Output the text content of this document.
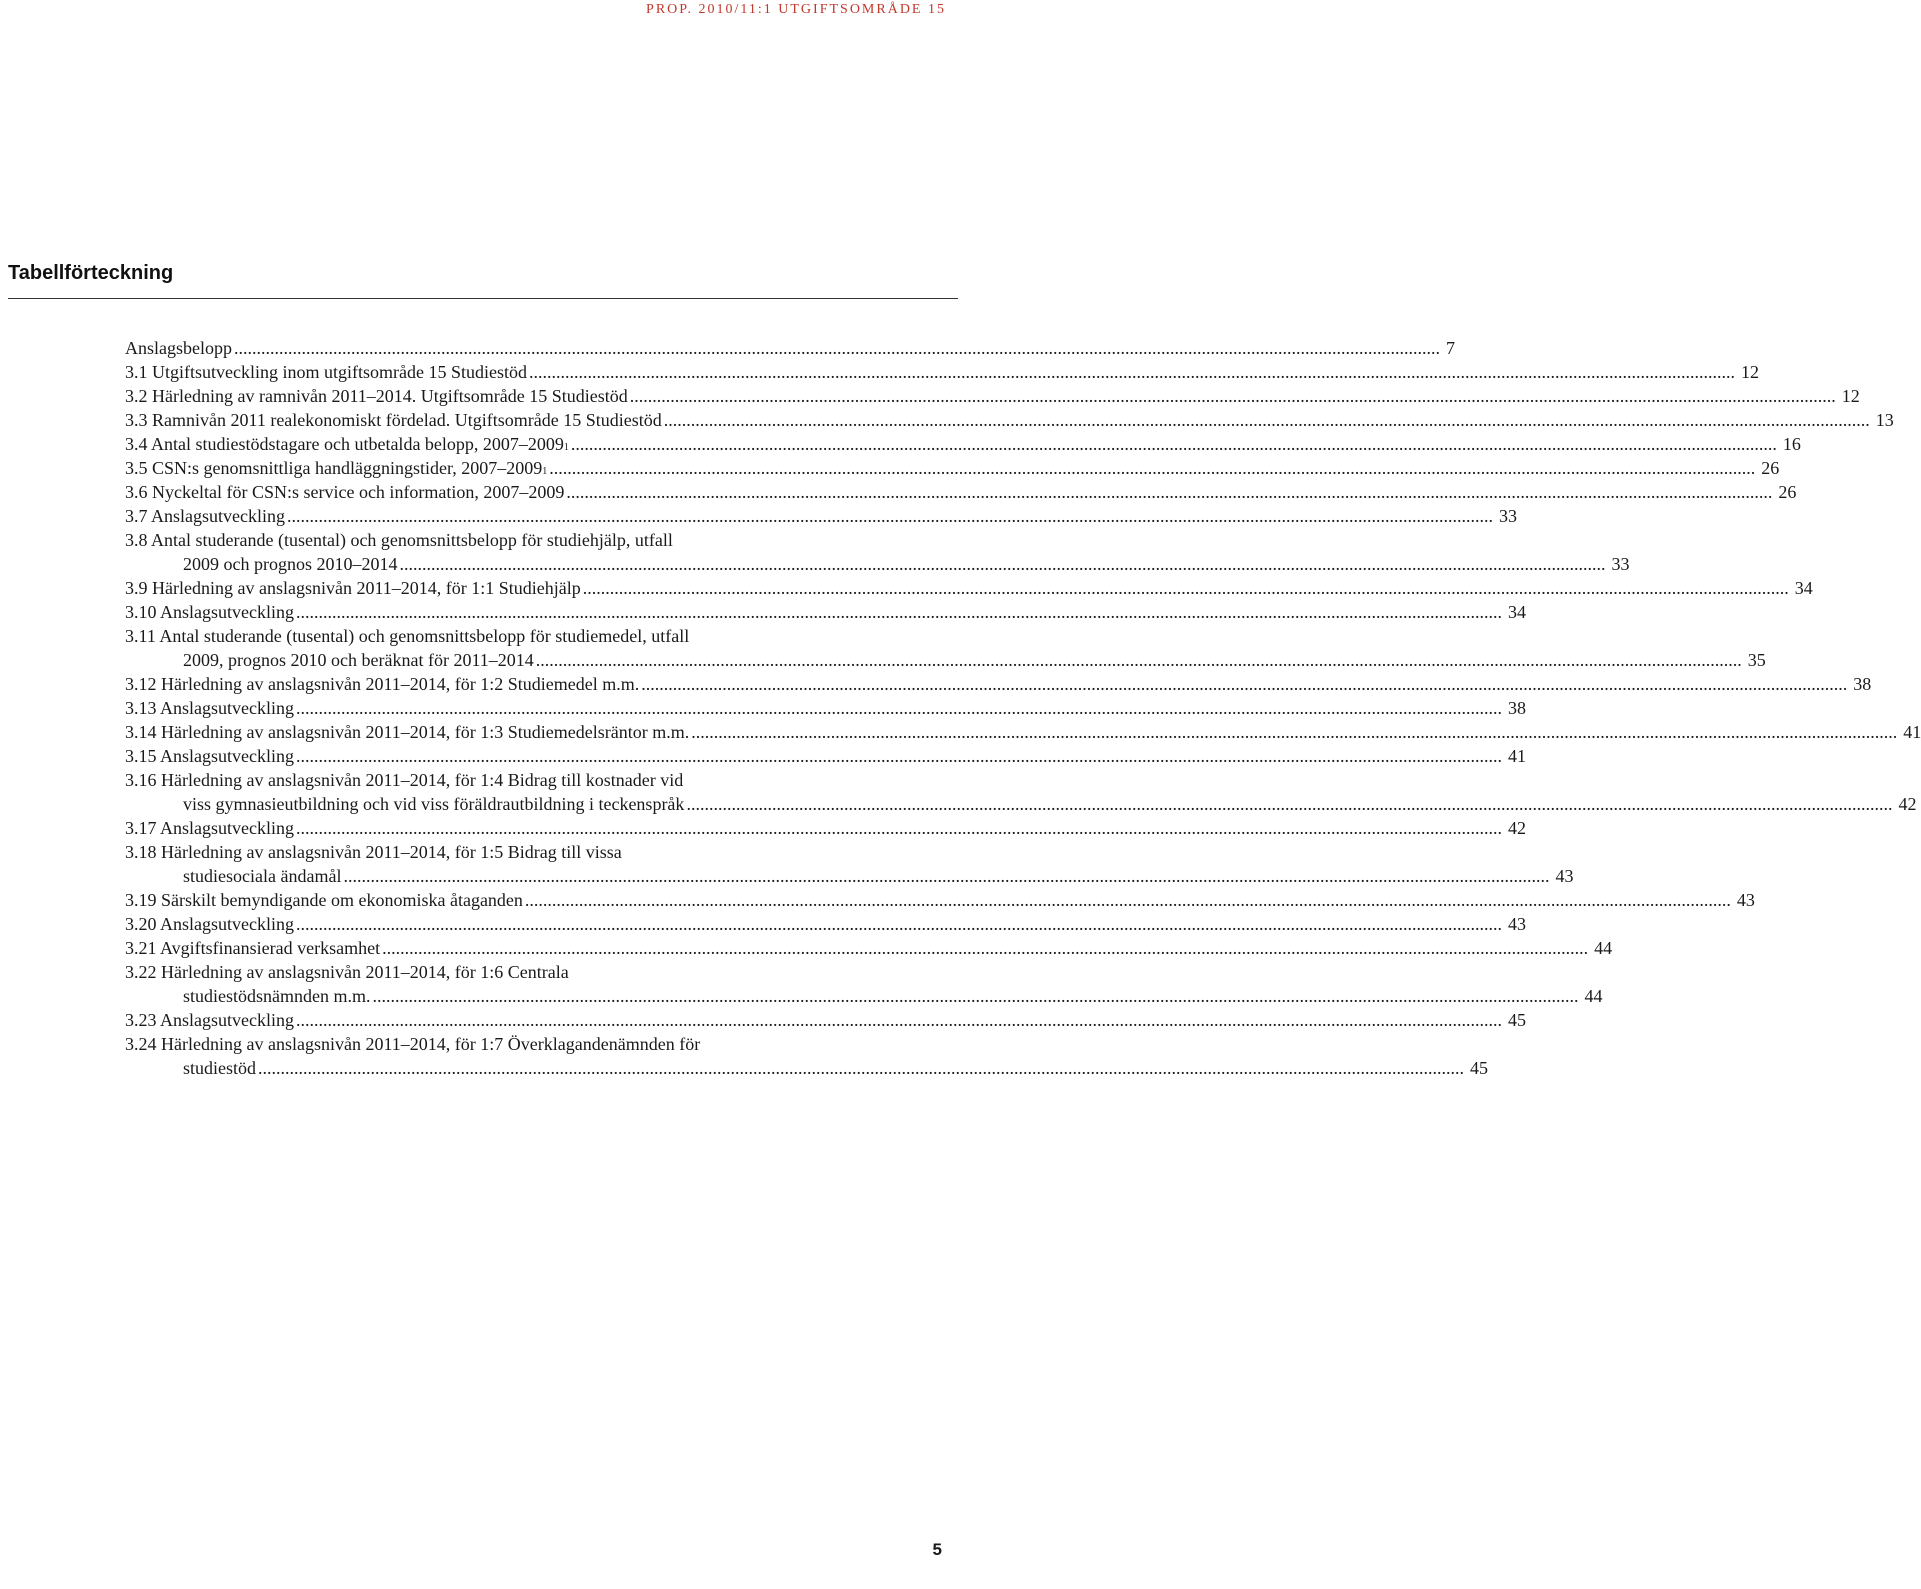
PROP. 2010/11:1 UTGIFTSOMRÅDE 15
Tabellförteckning
Anslagsbelopp .....	7
3.1 Utgiftsutveckling inom utgiftsområde 15 Studiestöd .....	12
3.2 Härledning av ramnivån 2011–2014. Utgiftsområde 15 Studiestöd .....	12
3.3 Ramnivån 2011 realekonomiskt fördelad. Utgiftsområde 15 Studiestöd .....	13
3.4 Antal studiestödstagare och utbetalda belopp, 2007–2009 1 .....	16
3.5 CSN:s genomsnittliga handläggningstider, 2007–2009 1 .....	26
3.6 Nyckeltal för CSN:s service och information, 2007–2009 .....	26
3.7 Anslagsutveckling .....	33
3.8 Antal studerande (tusental) och genomsnittsbelopp för studiehjälp, utfall
2009 och prognos 2010–2014 .....	33
3.9 Härledning av anslagsnivån 2011–2014, för 1:1 Studiehjälp .....	34
3.10 Anslagsutveckling .....	34
3.11 Antal studerande (tusental) och genomsnittsbelopp för studiemedel, utfall
2009, prognos 2010 och beräknat för 2011–2014 .....	35
3.12 Härledning av anslagsnivån 2011–2014, för 1:2 Studiemedel m.m. .....	38
3.13 Anslagsutveckling .....	38
3.14 Härledning av anslagsnivån 2011–2014, för 1:3 Studiemedelsräntor m.m. .....	41
3.15 Anslagsutveckling .....	41
3.16 Härledning av anslagsnivån 2011–2014, för 1:4 Bidrag till kostnader vid
viss gymnasieutbildning och vid viss föräldrautbildning i teckenspråk .....	42
3.17 Anslagsutveckling .....	42
3.18 Härledning av anslagsnivån 2011–2014, för 1:5 Bidrag till vissa
studiesociala ändamål .....	43
3.19 Särskilt bemyndigande om ekonomiska åtaganden .....	43
3.20 Anslagsutveckling .....	43
3.21 Avgiftsfinansierad verksamhet .....	44
3.22 Härledning av anslagsnivån 2011–2014, för 1:6 Centrala
studiestödsnämnden m.m. .....	44
3.23 Anslagsutveckling .....	45
3.24 Härledning av anslagsnivån 2011–2014, för 1:7 Överklagandenämnden för
studiestöd .....	45
5
